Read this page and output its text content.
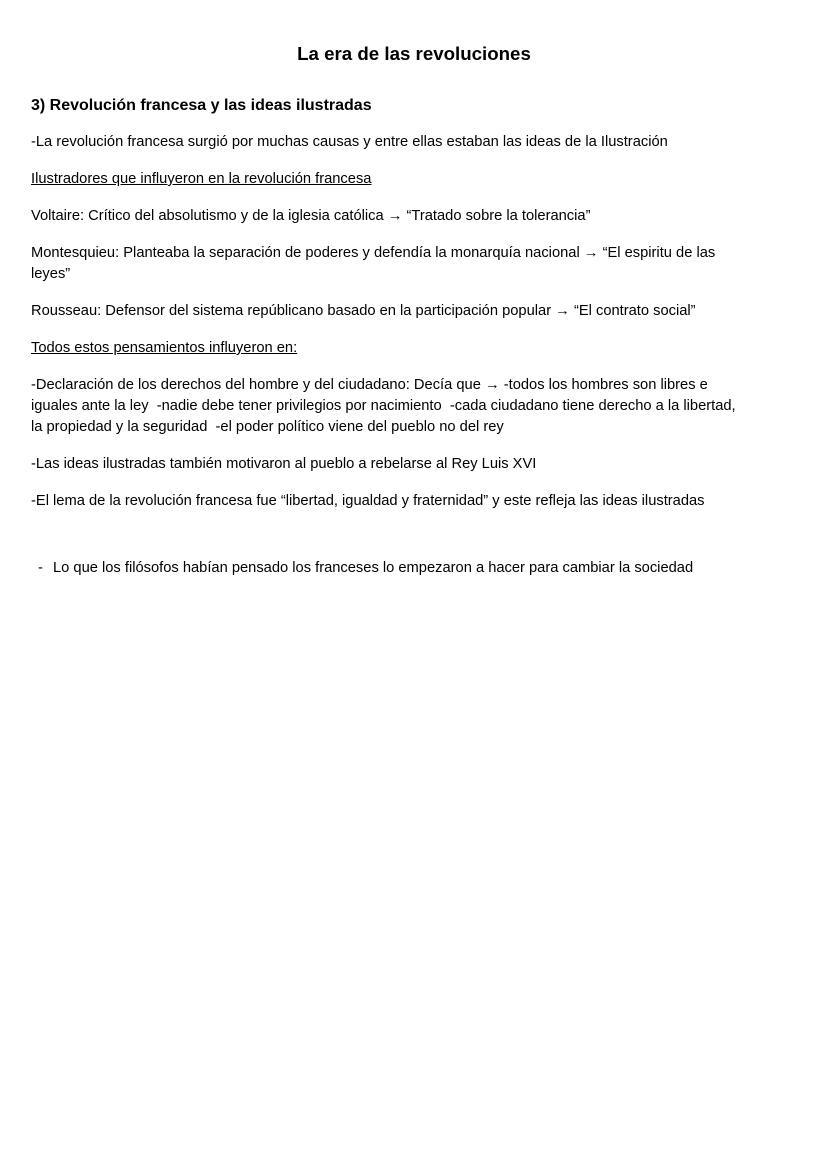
La era de las revoluciones
3) Revolución francesa y las ideas ilustradas

-La revolución francesa surgió por muchas causas y entre ellas estaban las ideas de la Ilustración

Ilustradores que influyeron en la revolución francesa

Voltaire: Crítico del absolutismo y de la iglesia católica → “Tratado sobre la tolerancia”

Montesquieu: Planteaba la separación de poderes y defendía la monarquía nacional → “El espiritu de las leyes”

Rousseau: Defensor del sistema repúblicano basado en la participación popular → “El contrato social”

Todos estos pensamientos influyeron en:

-Declaración de los derechos del hombre y del ciudadano: Decía que → -todos los hombres son libres e iguales ante la ley  -nadie debe tener privilegios por nacimiento  -cada ciudadano tiene derecho a la libertad, la propiedad y la seguridad  -el poder político viene del pueblo no del rey

-Las ideas ilustradas también motivaron al pueblo a rebelarse al Rey Luis XVI

-El lema de la revolución francesa fue “libertad, igualdad y fraternidad” y este refleja las ideas ilustradas

- Lo que los filósofos habían pensado los franceses lo empezaron a hacer para cambiar la sociedad
